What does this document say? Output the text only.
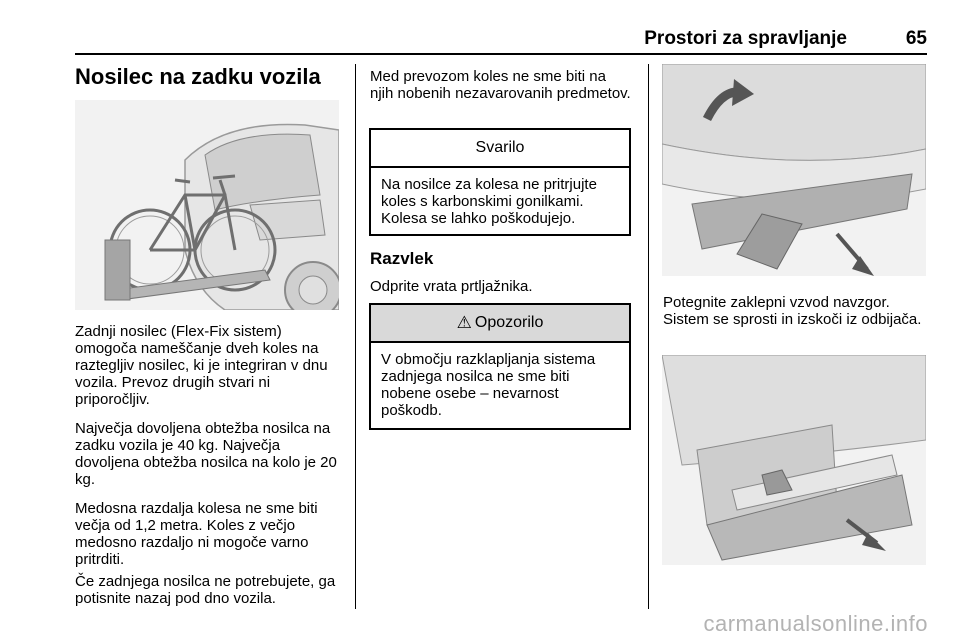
Prostori za spravljanje	65
Nosilec na zadku vozila
Zadnji nosilec (Flex-Fix sistem) omogoča nameščanje dveh koles na raztegljiv nosilec, ki je integriran v dnu vozila. Prevoz drugih stvari ni priporočljiv.
Največja dovoljena obtežba nosilca na zadku vozila je 40 kg. Največja dovoljena obtežba nosilca na kolo je 20 kg.
Medosna razdalja kolesa ne sme biti večja od 1,2 metra. Koles z večjo medosno razdaljo ni mogoče varno pritrditi.
Če zadnjega nosilca ne potrebujete, ga potisnite nazaj pod dno vozila.
Med prevozom koles ne sme biti na njih nobenih nezavarovanih predmetov.
Svarilo
Na nosilce za kolesa ne pritrjujte koles s karbonskimi gonilkami. Kolesa se lahko poškodujejo.
Razvlek
Odprite vrata prtljažnika.
⚠ Opozorilo
V območju razklapljanja sistema zadnjega nosilca ne sme biti nobene osebe – nevarnost poškodb.
Potegnite zaklepni vzvod navzgor. Sistem se sprosti in izskoči iz odbijača.
carmanualsonline.info
